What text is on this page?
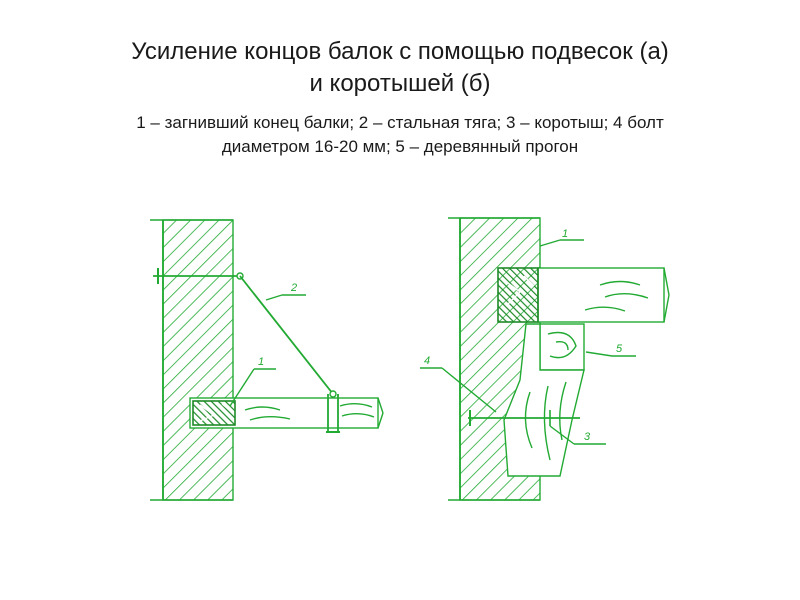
Усиление концов балок с помощью подвесок (а)
и коротышей (б)
1 – загнивший конец балки; 2 – стальная тяга; 3 – коротыш; 4 болт
диаметром 16-20 мм; 5 – деревянный прогон
2
1
1
5
4
3
